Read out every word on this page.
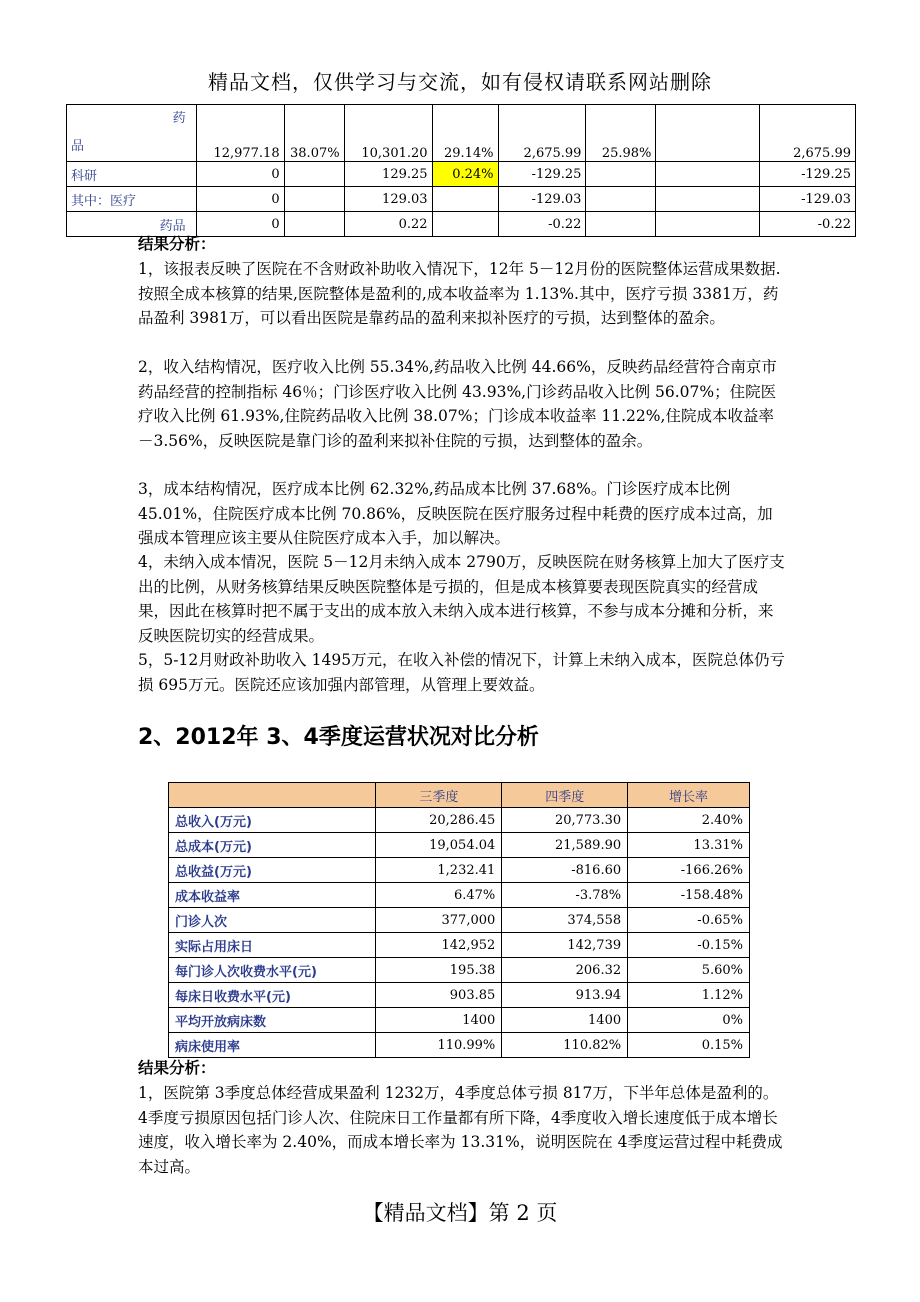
精品文档，仅供学习与交流，如有侵权请联系网站删除
药
品	12,977.18	38.07%	10,301.20	29.14%	2,675.99	25.98%		2,675.99
科研	0		129.25	0.24%	-129.25			-129.25
其中：医疗	0		129.03		-129.03			-129.03
药品	0		0.22		-0.22			-0.22
结果分析：
1，该报表反映了医院在不含财政补助收入情况下，12年 5－12月份的医院整体运营成果数据.按照全成本核算的结果,医院整体是盈利的,成本收益率为 1.13%.其中，医疗亏损 3381万，药品盈利 3981万，可以看出医院是靠药品的盈利来拟补医疗的亏损，达到整体的盈余。
2，收入结构情况，医疗收入比例 55.34%,药品收入比例 44.66%，反映药品经营符合南京市药品经营的控制指标 46％；门诊医疗收入比例 43.93%,门诊药品收入比例 56.07%；住院医疗收入比例 61.93%,住院药品收入比例 38.07%；门诊成本收益率 11.22%,住院成本收益率－3.56%，反映医院是靠门诊的盈利来拟补住院的亏损，达到整体的盈余。
3，成本结构情况，医疗成本比例 62.32%,药品成本比例 37.68%。门诊医疗成本比例 45.01%，住院医疗成本比例 70.86%，反映医院在医疗服务过程中耗费的医疗成本过高，加强成本管理应该主要从住院医疗成本入手，加以解决。
4，未纳入成本情况，医院 5－12月未纳入成本 2790万，反映医院在财务核算上加大了医疗支出的比例，从财务核算结果反映医院整体是亏损的，但是成本核算要表现医院真实的经营成果，因此在核算时把不属于支出的成本放入未纳入成本进行核算，不参与成本分摊和分析，来反映医院切实的经营成果。
5，5-12月财政补助收入 1495万元，在收入补偿的情况下，计算上未纳入成本，医院总体仍亏损 695万元。医院还应该加强内部管理，从管理上要效益。
2、2012年 3、4季度运营状况对比分析
	三季度	四季度	增长率
总收入(万元)	20,286.45	20,773.30	2.40%
总成本(万元)	19,054.04	21,589.90	13.31%
总收益(万元)	1,232.41	-816.60	-166.26%
成本收益率	6.47%	-3.78%	-158.48%
门诊人次	377,000	374,558	-0.65%
实际占用床日	142,952	142,739	-0.15%
每门诊人次收费水平(元)	195.38	206.32	5.60%
每床日收费水平(元)	903.85	913.94	1.12%
平均开放病床数	1400	1400	0%
病床使用率	110.99%	110.82%	0.15%
结果分析：
1，医院第 3季度总体经营成果盈利 1232万，4季度总体亏损 817万，下半年总体是盈利的。4季度亏损原因包括门诊人次、住院床日工作量都有所下降，4季度收入增长速度低于成本增长速度，收入增长率为 2.40%，而成本增长率为 13.31%，说明医院在 4季度运营过程中耗费成本过高。
【精品文档】第 2 页
